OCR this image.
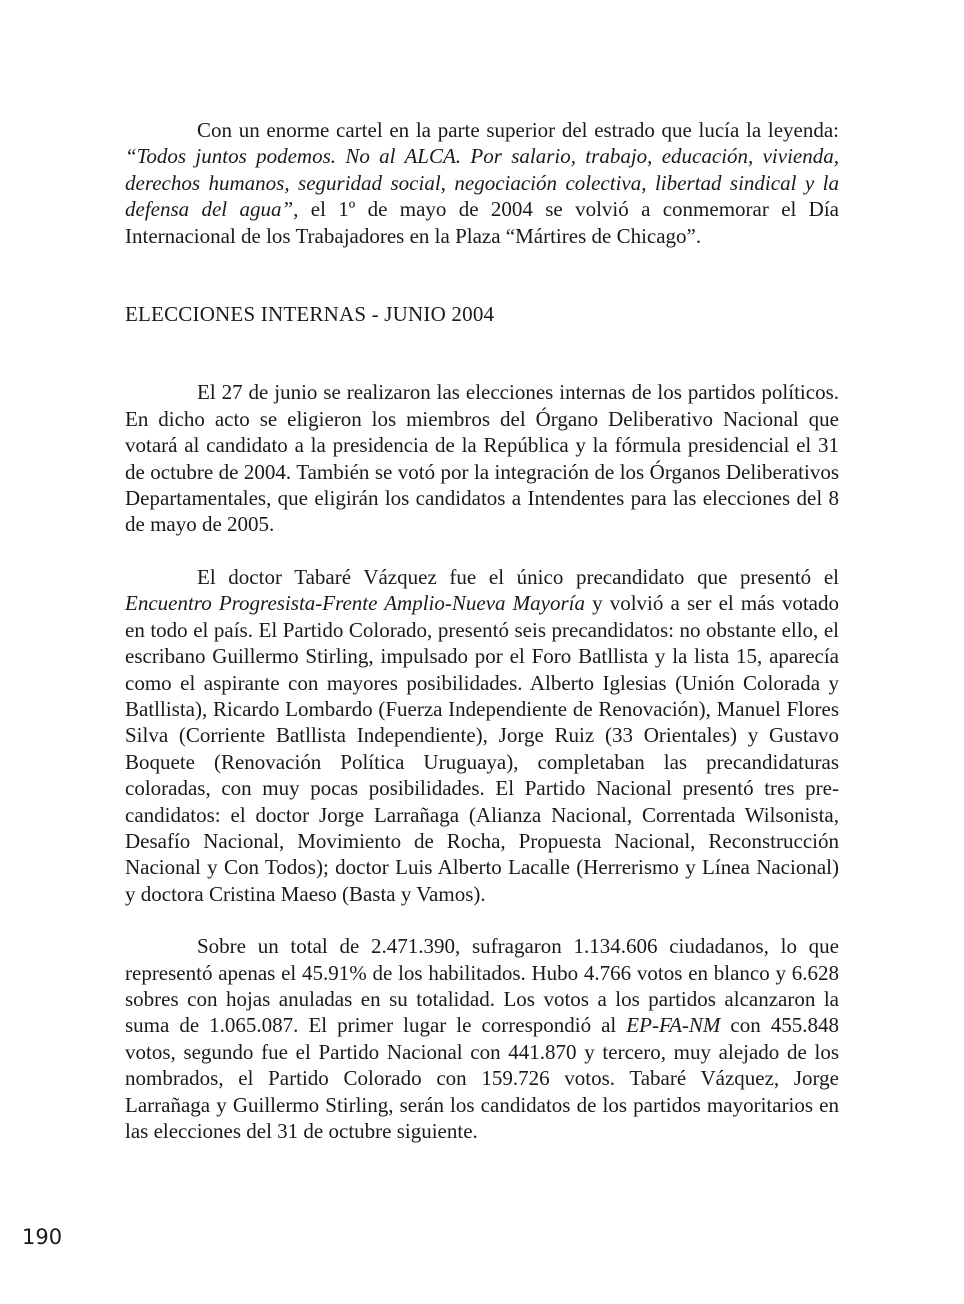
Con un enorme cartel en la parte superior del estrado que lucía la leyenda: “Todos juntos podemos. No al ALCA. Por salario, trabajo, educación, vivienda, derechos humanos, seguridad social, negociación colectiva, libertad sindical y la defensa del agua”, el 1º de mayo de 2004 se volvió a conmemorar el Día Internacional de los Trabajadores en la Plaza “Mártires de Chicago”.

ELECCIONES INTERNAS - JUNIO 2004

El 27 de junio se realizaron las elecciones internas de los partidos políticos. En dicho acto se eligieron los miembros del Órgano Deliberativo Nacional que votará al candidato a la presidencia de la República y la fórmula presidencial el 31 de octubre de 2004. También se votó por la integración de los Órganos Deliberativos Departamentales, que eligirán los candidatos a Intendentes para las elecciones del 8 de mayo de 2005.

El doctor Tabaré Vázquez fue el único precandidato que presentó el Encuentro Progresista-Frente Amplio-Nueva Mayoría y volvió a ser el más votado en todo el país. El Partido Colorado, presentó seis precandidatos: no obstante ello, el escribano Guillermo Stirling, impulsado por el Foro Batllista y la lista 15, aparecía como el aspirante con mayores posibilidades. Alberto Iglesias (Unión Colorada y Batllista), Ricardo Lombardo (Fuerza Independiente de Renovación), Manuel Flores Silva (Corriente Batllista Independiente), Jorge Ruiz (33 Orientales) y Gustavo Boquete (Renovación Política Uruguaya), completaban las precandidaturas coloradas, con muy pocas posibilidades. El Partido Nacional presentó tres precandidatos: el doctor Jorge Larrañaga (Alianza Nacional, Correntada Wilsonista, Desafío Nacional, Movimiento de Rocha, Propuesta Nacional, Reconstrucción Nacional y Con Todos); doctor Luis Alberto Lacalle (Herrerismo y Línea Nacional) y doctora Cristina Maeso (Basta y Vamos).

Sobre un total de 2.471.390, sufragaron 1.134.606 ciudadanos, lo que representó apenas el 45.91% de los habilitados. Hubo 4.766 votos en blanco y 6.628 sobres con hojas anuladas en su totalidad. Los votos a los partidos alcanzaron la suma de 1.065.087. El primer lugar le correspondió al EP-FA-NM con 455.848 votos, segundo fue el Partido Nacional con 441.870 y tercero, muy alejado de los nombrados, el Partido Colorado con 159.726 votos. Tabaré Vázquez, Jorge Larrañaga y Guillermo Stirling, serán los candidatos de los partidos mayoritarios en las elecciones del 31 de octubre siguiente.

190
